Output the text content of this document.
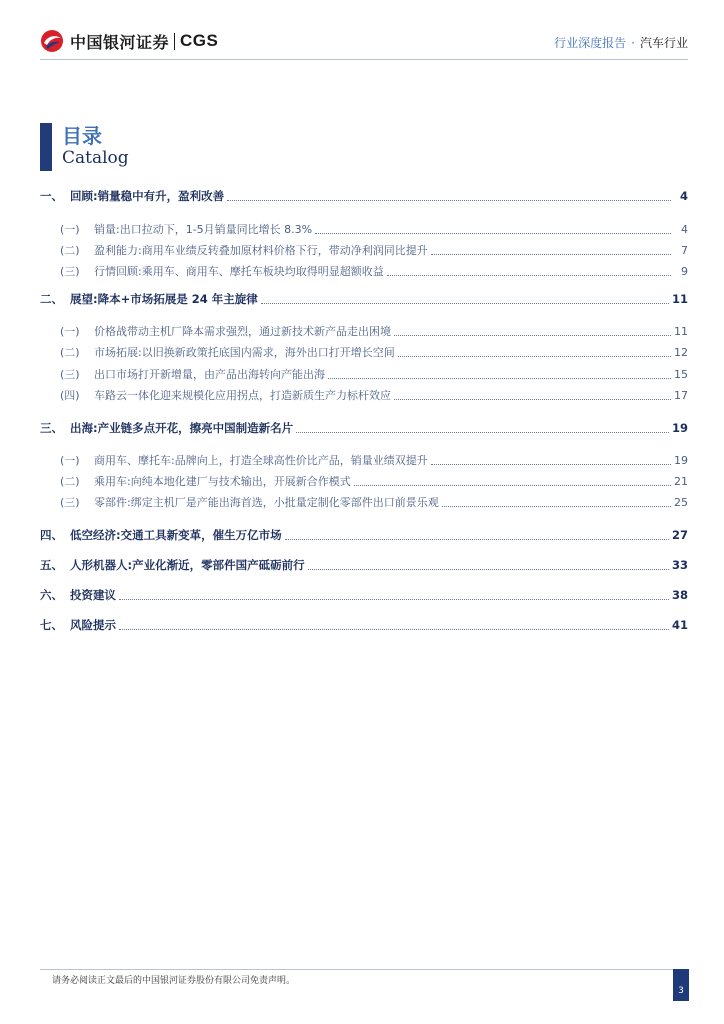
中国银河证券 CGS	行业深度报告 · 汽车行业
目录
Catalog
一、 回顾:销量稳中有升，盈利改善	4
(一)	销量:出口拉动下，1-5月销量同比增长 8.3%	4
(二)	盈利能力:商用车业绩反转叠加原材料价格下行，带动净利润同比提升	7
(三)	行情回顾:乘用车、商用车、摩托车板块均取得明显超额收益	9
二、 展望:降本+市场拓展是 24 年主旋律	11
(一)	价格战带动主机厂降本需求强烈，通过新技术新产品走出困境	11
(二)	市场拓展:以旧换新政策托底国内需求，海外出口打开增长空间	12
(三)	出口市场打开新增量，由产品出海转向产能出海	15
(四)	车路云一体化迎来规模化应用拐点，打造新质生产力标杆效应	17
三、 出海:产业链多点开花，擦亮中国制造新名片	19
(一)	商用车、摩托车:品牌向上，打造全球高性价比产品，销量业绩双提升	19
(二)	乘用车:向纯本地化建厂与技术输出，开展新合作模式	21
(三)	零部件:绑定主机厂是产能出海首选，小批量定制化零部件出口前景乐观	25
四、 低空经济:交通工具新变革，催生万亿市场	27
五、 人形机器人:产业化渐近，零部件国产砥砺前行	33
六、 投资建议	38
七、 风险提示	41
请务必阅读正文最后的中国银河证券股份有限公司免责声明。
3
